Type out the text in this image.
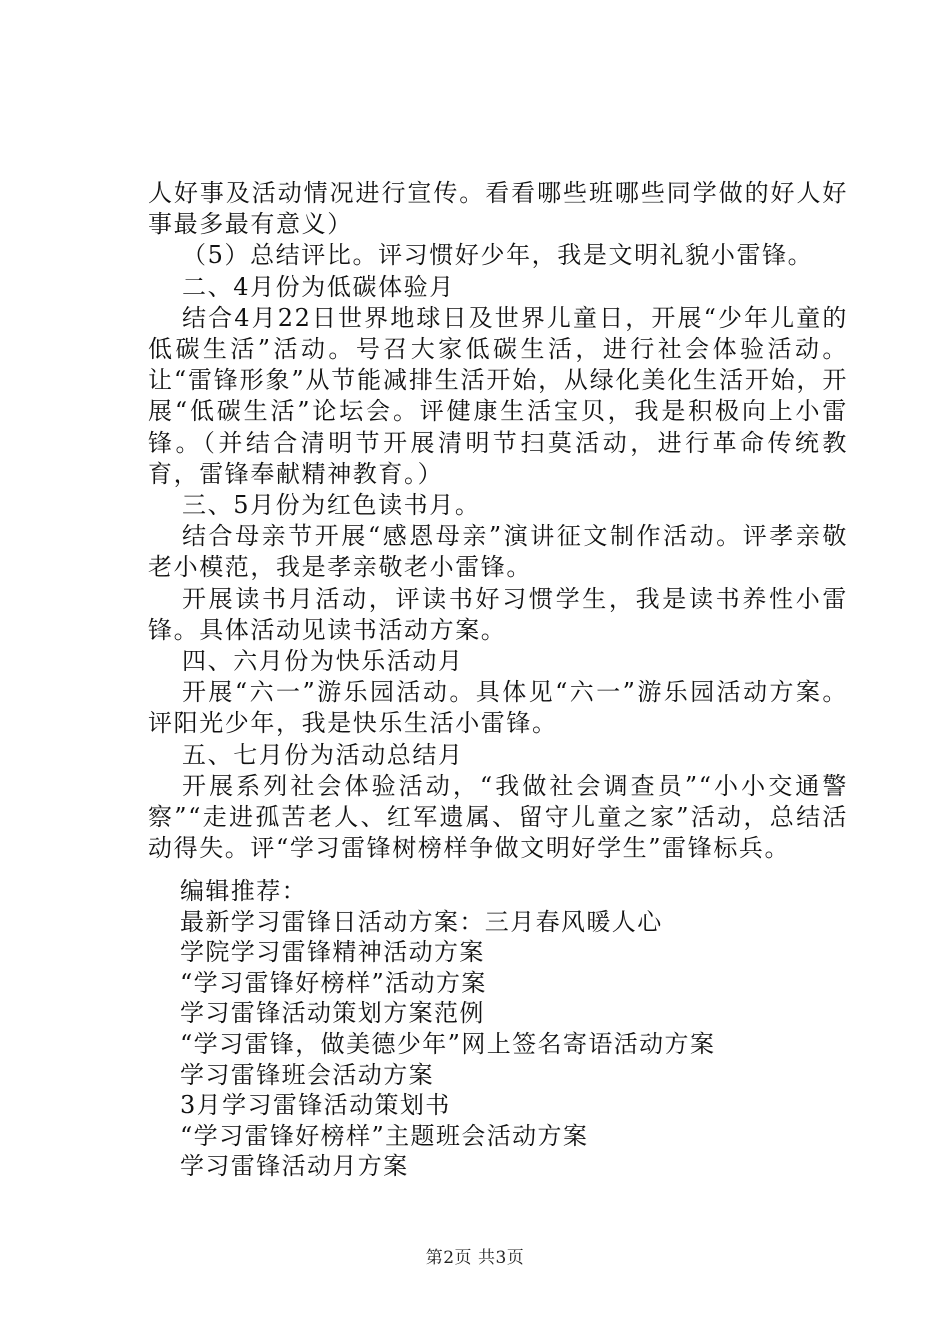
人好事及活动情况进行宣传。看看哪些班哪些同学做的好人好事最多最有意义）

（5）总结评比。评习惯好少年，我是文明礼貌小雷锋。

二、4月份为低碳体验月

结合4月22日世界地球日及世界儿童日，开展“少年儿童的低碳生活”活动。号召大家低碳生活，进行社会体验活动。让“雷锋形象”从节能减排生活开始，从绿化美化生活开始，开展“低碳生活”论坛会。评健康生活宝贝，我是积极向上小雷锋。（并结合清明节开展清明节扫莫活动，进行革命传统教育，雷锋奉献精神教育。）

三、5月份为红色读书月。

结合母亲节开展“感恩母亲”演讲征文制作活动。评孝亲敬老小模范，我是孝亲敬老小雷锋。

开展读书月活动，评读书好习惯学生，我是读书养性小雷锋。具体活动见读书活动方案。

四、六月份为快乐活动月

开展“六一”游乐园活动。具体见“六一”游乐园活动方案。评阳光少年，我是快乐生活小雷锋。

五、七月份为活动总结月

开展系列社会体验活动，“我做社会调查员”“小小交通警察”“走进孤苦老人、红军遗属、留守儿童之家”活动，总结活动得失。评“学习雷锋树榜样争做文明好学生”雷锋标兵。

编辑推荐：

最新学习雷锋日活动方案：三月春风暖人心

学院学习雷锋精神活动方案

“学习雷锋好榜样”活动方案

学习雷锋活动策划方案范例

“学习雷锋，做美德少年”网上签名寄语活动方案

学习雷锋班会活动方案

3月学习雷锋活动策划书

“学习雷锋好榜样”主题班会活动方案

学习雷锋活动月方案

第2页 共3页
